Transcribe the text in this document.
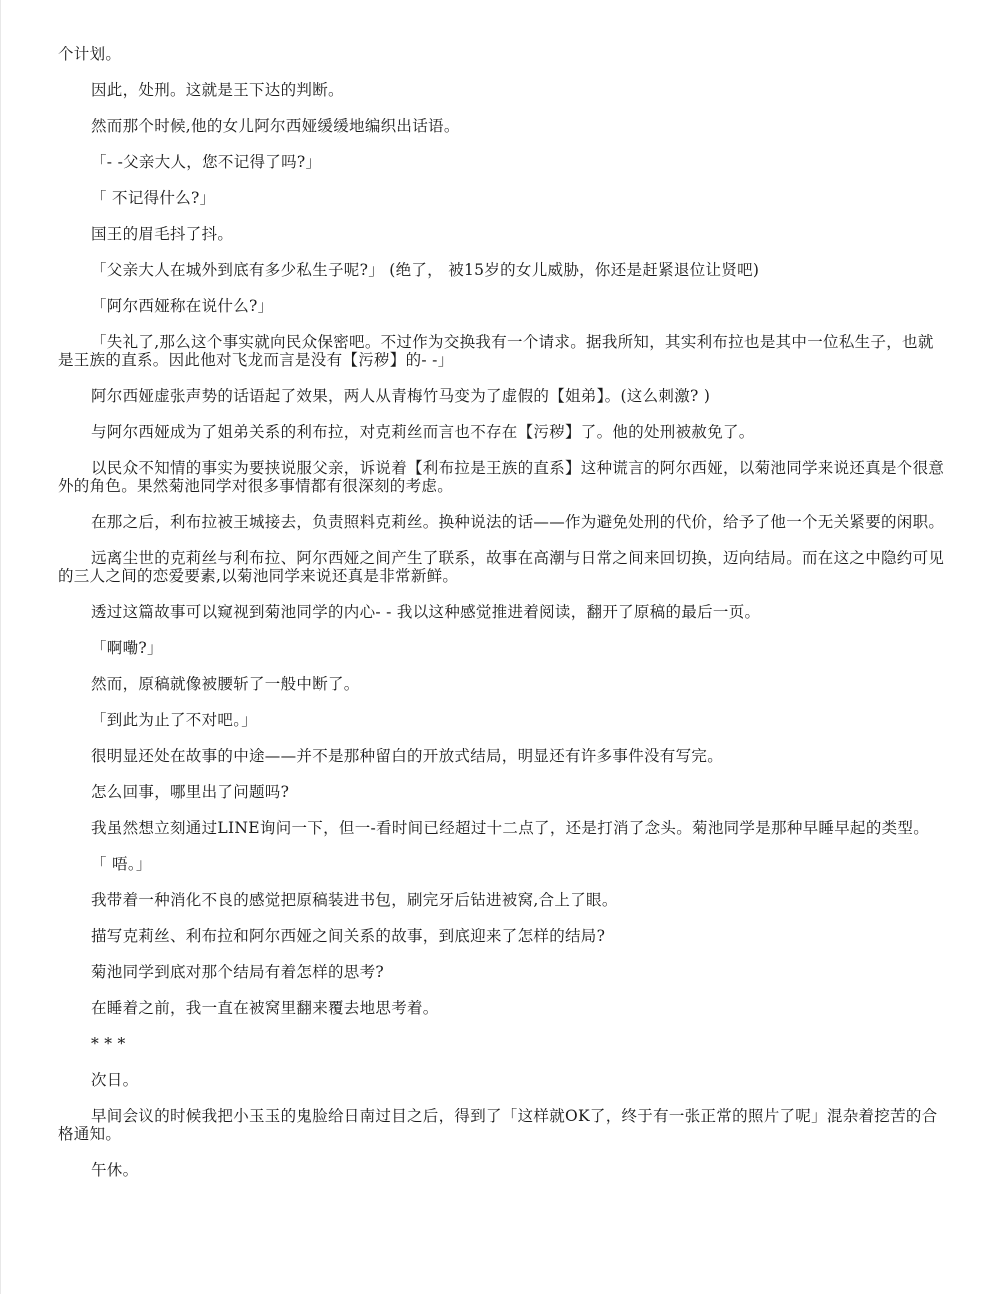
个计划。

因此，处刑。这就是王下达的判断。

然而那个时候,他的女儿阿尔西娅缓缓地编织出话语。

「- -父亲大人，您不记得了吗?」

「 不记得什么?」

国王的眉毛抖了抖。

「父亲大人在城外到底有多少私生子呢?」 (绝了， 被15岁的女儿威胁，你还是赶紧退位让贤吧)

「阿尔西娅称在说什么?」

「失礼了,那么这个事实就向民众保密吧。不过作为交换我有一个请求。据我所知，其实利布拉也是其中一位私生子，也就是王族的直系。因此他对飞龙而言是没有【污秽】的- -」

阿尔西娅虚张声势的话语起了效果，两人从青梅竹马变为了虚假的【姐弟】。(这么刺激? )

与阿尔西娅成为了姐弟关系的利布拉，对克莉丝而言也不存在【污秽】了。他的处刑被赦免了。

以民众不知情的事实为要挟说服父亲，诉说着【利布拉是王族的直系】这种谎言的阿尔西娅，以菊池同学来说还真是个很意外的角色。果然菊池同学对很多事情都有很深刻的考虑。

在那之后，利布拉被王城接去，负责照料克莉丝。换种说法的话——作为避免处刑的代价，给予了他一个无关紧要的闲职。

远离尘世的克莉丝与利布拉、阿尔西娅之间产生了联系，故事在高潮与日常之间来回切换，迈向结局。而在这之中隐约可见的三人之间的恋爱要素,以菊池同学来说还真是非常新鲜。

透过这篇故事可以窥视到菊池同学的内心- - 我以这种感觉推进着阅读，翻开了原稿的最后一页。

「啊嘞?」

然而，原稿就像被腰斩了一般中断了。

「到此为止了不对吧。」

很明显还处在故事的中途——并不是那种留白的开放式结局，明显还有许多事件没有写完。

怎么回事，哪里出了问题吗?

我虽然想立刻通过LINE询问一下，但一-看时间已经超过十二点了，还是打消了念头。菊池同学是那种早睡早起的类型。

「 唔。」

我带着一种消化不良的感觉把原稿装进书包，刷完牙后钻进被窝,合上了眼。

描写克莉丝、利布拉和阿尔西娅之间关系的故事，到底迎来了怎样的结局?

菊池同学到底对那个结局有着怎样的思考?

在睡着之前，我一直在被窝里翻来覆去地思考着。

* * *

次日。

早间会议的时候我把小玉玉的鬼脸给日南过目之后，得到了「这样就OK了，终于有一张正常的照片了呢」混杂着挖苦的合格通知。

午休。
